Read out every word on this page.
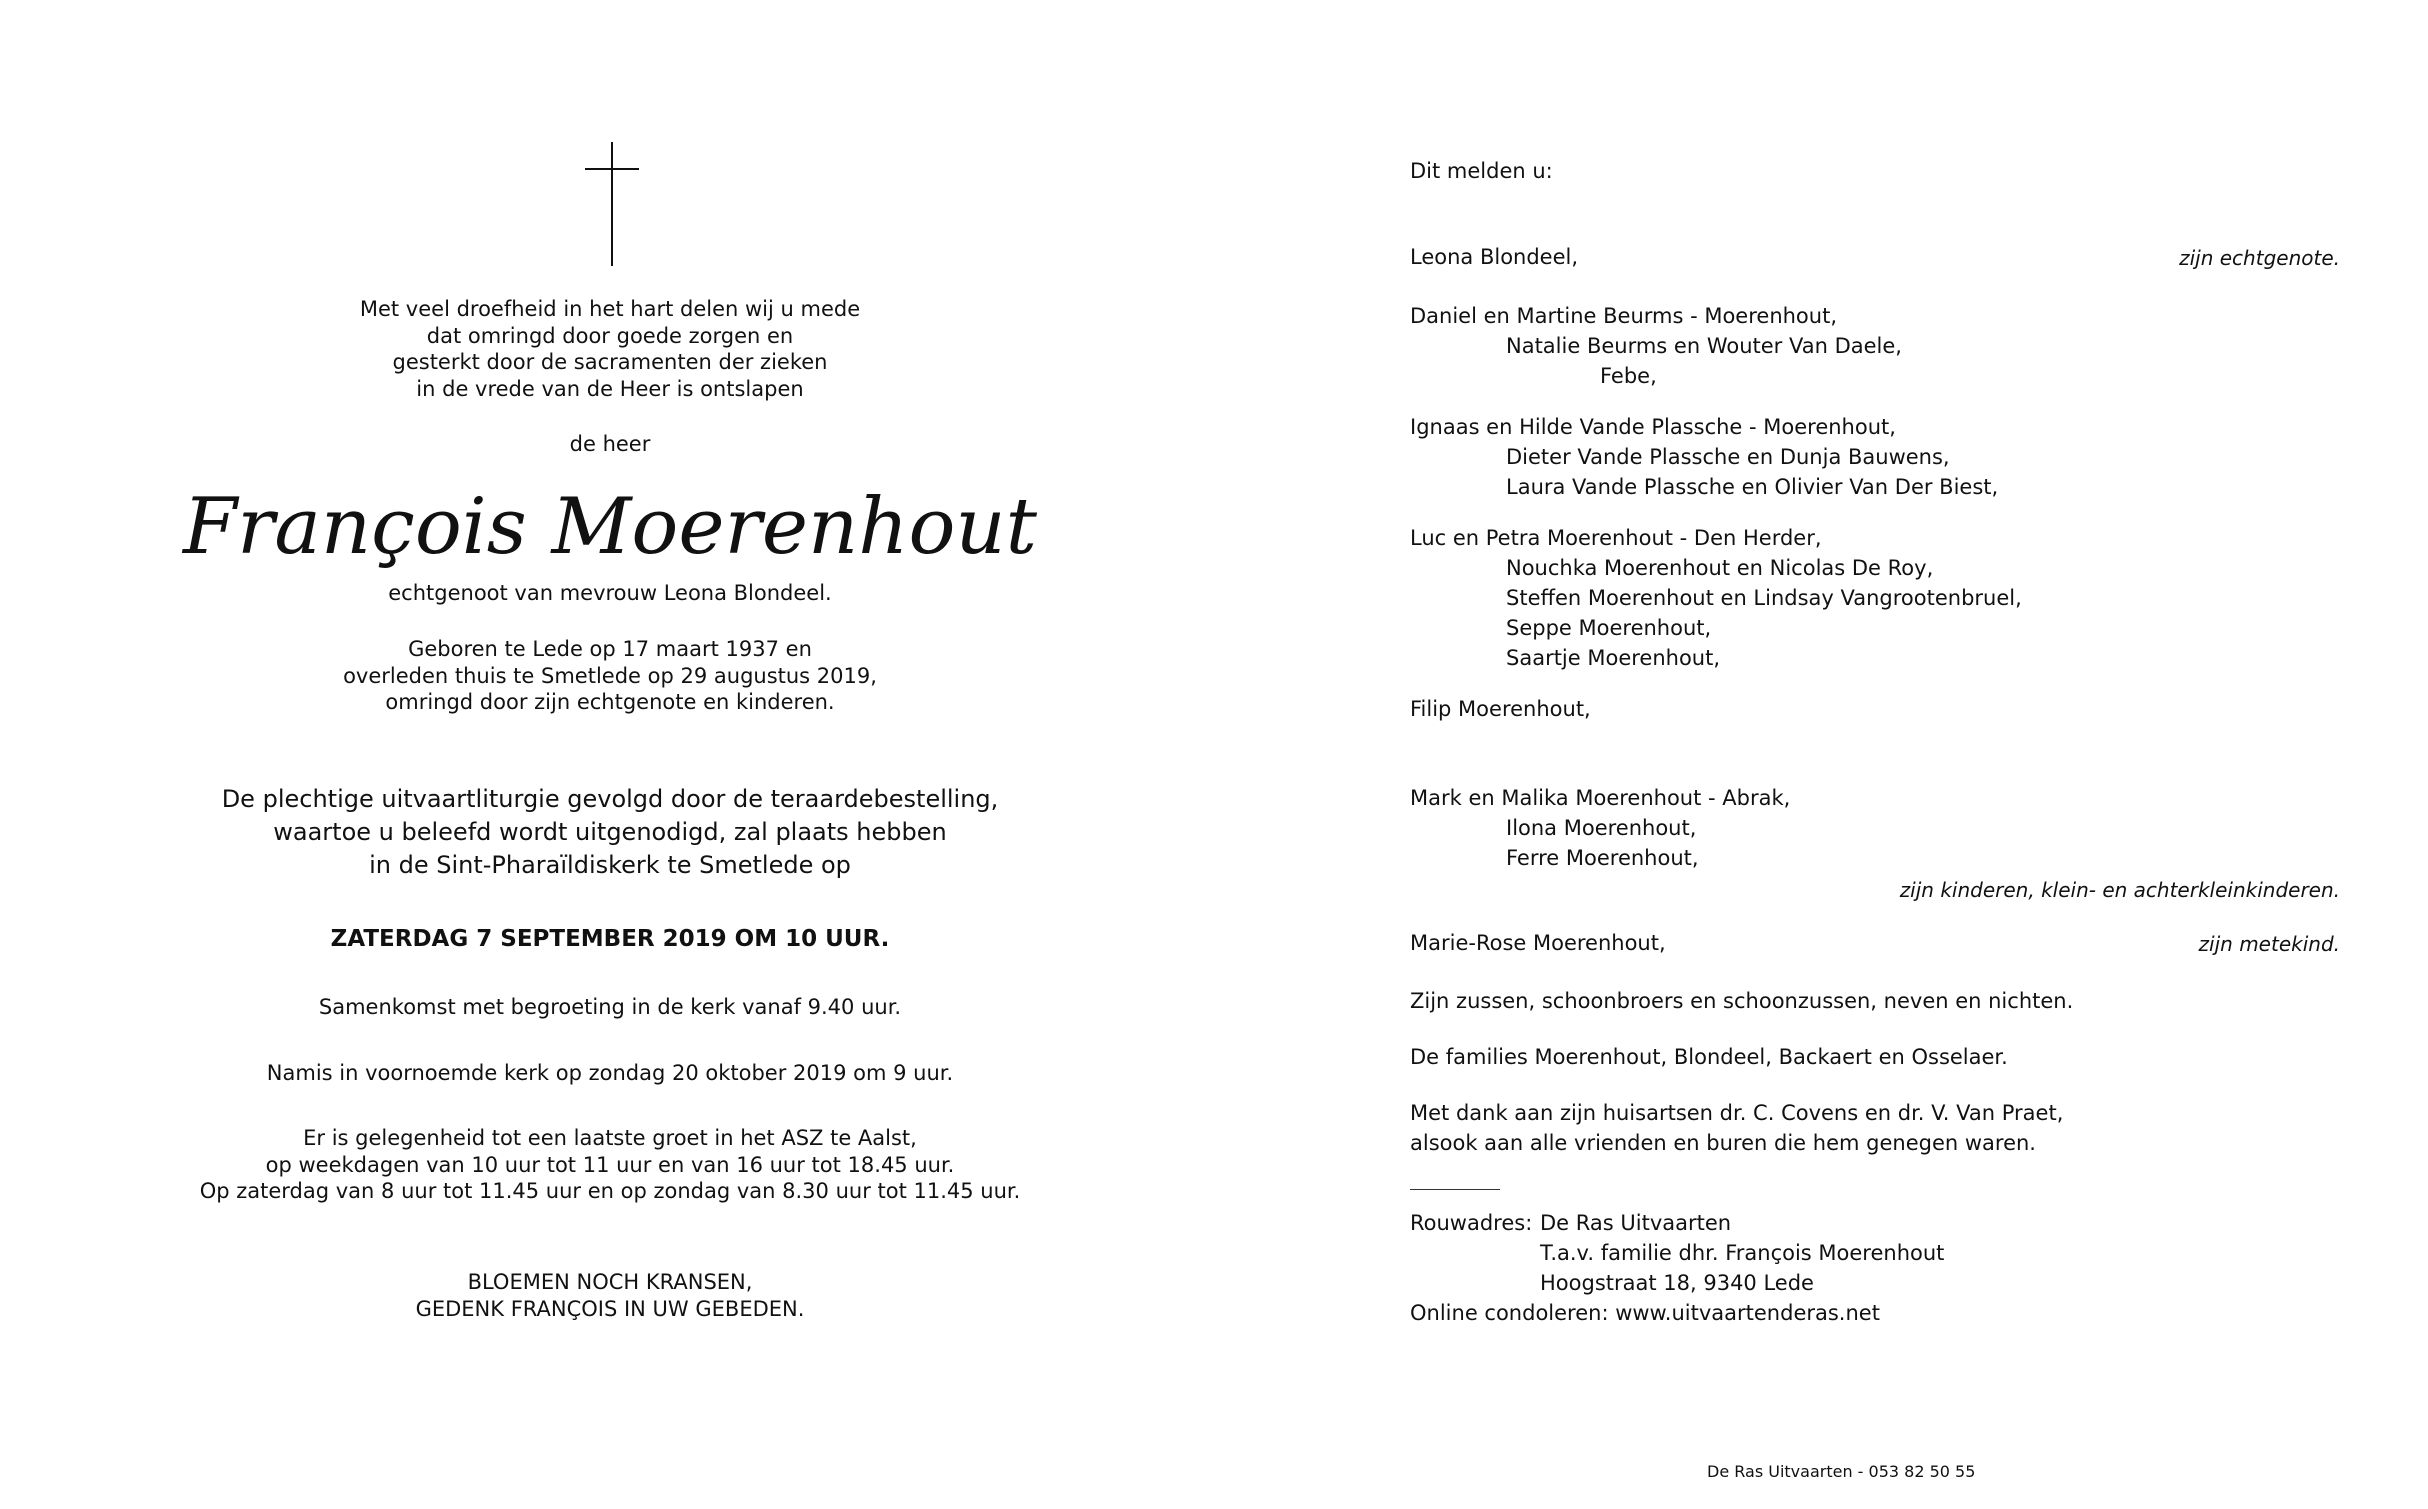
Met veel droefheid in het hart delen wij u mede
dat omringd door goede zorgen en
gesterkt door de sacramenten der zieken
in de vrede van de Heer is ontslapen
de heer
François Moerenhout
echtgenoot van mevrouw Leona Blondeel.
Geboren te Lede op 17 maart 1937 en
overleden thuis te Smetlede op 29 augustus 2019,
omringd door zijn echtgenote en kinderen.
De plechtige uitvaartliturgie gevolgd door de teraardebestelling,
waartoe u beleefd wordt uitgenodigd, zal plaats hebben
in de Sint-Pharaïldiskerk te Smetlede op
ZATERDAG 7 SEPTEMBER 2019 OM 10 UUR.
Samenkomst met begroeting in de kerk vanaf 9.40 uur.
Namis in voornoemde kerk op zondag 20 oktober 2019 om 9 uur.
Er is gelegenheid tot een laatste groet in het ASZ te Aalst,
op weekdagen van 10 uur tot 11 uur en van 16 uur tot 18.45 uur.
Op zaterdag van 8 uur tot 11.45 uur en op zondag van 8.30 uur tot 11.45 uur.
BLOEMEN NOCH KRANSEN,
GEDENK FRANÇOIS IN UW GEBEDEN.
Dit melden u:
Leona Blondeel,	zijn echtgenote.
Daniel en Martine Beurms - Moerenhout,
Natalie Beurms en Wouter Van Daele,
Febe,
Ignaas en Hilde Vande Plassche - Moerenhout,
Dieter Vande Plassche en Dunja Bauwens,
Laura Vande Plassche en Olivier Van Der Biest,
Luc en Petra Moerenhout - Den Herder,
Nouchka Moerenhout en Nicolas De Roy,
Steffen Moerenhout en Lindsay Vangrootenbruel,
Seppe Moerenhout,
Saartje Moerenhout,
Filip Moerenhout,
Mark en Malika Moerenhout - Abrak,
Ilona Moerenhout,
Ferre Moerenhout,
zijn kinderen, klein- en achterkleinkinderen.
Marie-Rose Moerenhout,	zijn metekind.
Zijn zussen, schoonbroers en schoonzussen, neven en nichten.
De families Moerenhout, Blondeel, Backaert en Osselaer.
Met dank aan zijn huisartsen dr. C. Covens en dr. V. Van Praet,
alsook aan alle vrienden en buren die hem genegen waren.
Rouwadres: De Ras Uitvaarten
T.a.v. familie dhr. François Moerenhout
Hoogstraat 18, 9340 Lede
Online condoleren: www.uitvaartenderas.net
De Ras Uitvaarten - 053 82 50 55
